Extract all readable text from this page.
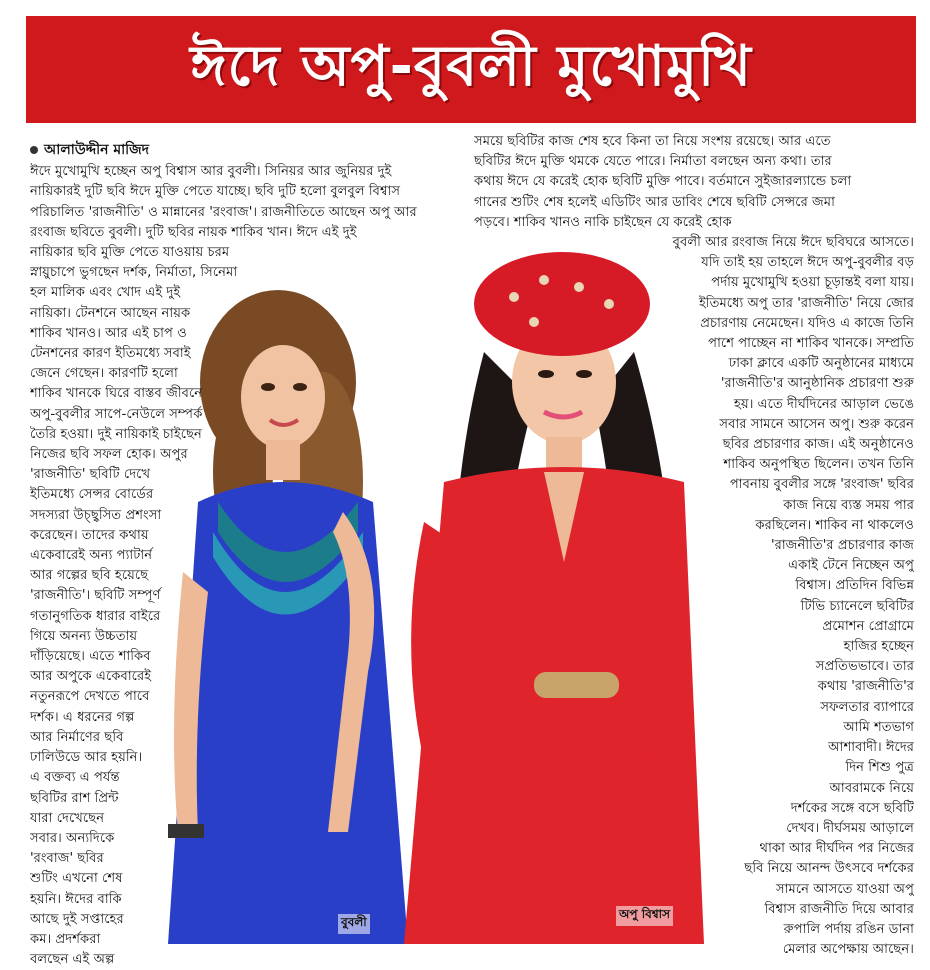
ঈদে অপু-বুবলী মুখোমুখি
বুবলী
অপু বিশ্বাস
আলাউদ্দীন মাজিদ
ঈদে মুখোমুখি হচ্ছেন অপু বিশ্বাস আর বুবলী। সিনিয়র আর জুনিয়র দুই
নায়িকারই দুটি ছবি ঈদে মুক্তি পেতে যাচ্ছে। ছবি দুটি হলো বুলবুল বিশ্বাস
পরিচালিত 'রাজনীতি' ও মান্নানের 'রংবাজ'। রাজনীতিতে আছেন অপু আর
রংবাজ ছবিতে বুবলী। দুটি ছবির নায়ক শাকিব খান। ঈদে এই দুই
নায়িকার ছবি মুক্তি পেতে যাওয়ায় চরম
স্নায়ুচাপে ভুগছেন দর্শক, নির্মাতা, সিনেমা
হল মালিক এবং খোদ এই দুই
নায়িকা। টেনশনে আছেন নায়ক
শাকিব খানও। আর এই চাপ ও
টেনশনের কারণ ইতিমধ্যে সবাই
জেনে গেছেন। কারণটি হলো
শাকিব খানকে ঘিরে বাস্তব জীবনে
অপু-বুবলীর সাপে-নেউলে সম্পর্ক
তৈরি হওয়া। দুই নায়িকাই চাইছেন
নিজের ছবি সফল হোক। অপুর
'রাজনীতি' ছবিটি দেখে
ইতিমধ্যে সেন্সর বোর্ডের
সদস্যরা উচ্ছ্বসিত প্রশংসা
করেছেন। তাদের কথায়
একেবারেই অন্য প্যাটার্ন
আর গল্পের ছবি হয়েছে
'রাজনীতি'। ছবিটি সম্পূর্ণ
গতানুগতিক ধারার বাইরে
গিয়ে অনন্য উচ্চতায়
দাঁড়িয়েছে। এতে শাকিব
আর অপুকে একেবারেই
নতুনরূপে দেখতে পাবে
দর্শক। এ ধরনের গল্প
আর নির্মাণের ছবি
ঢালিউডে আর হয়নি।
এ বক্তব্য এ পর্যন্ত
ছবিটির রাশ প্রিন্ট
যারা দেখেছেন
সবার। অন্যদিকে
'রংবাজ' ছবির
শুটিং এখনো শেষ
হয়নি। ঈদের বাকি
আছে দুই সপ্তাহের
কম। প্রদর্শকরা
বলছেন এই অল্প
সময়ে ছবিটির কাজ শেষ হবে কিনা তা নিয়ে সংশয় রয়েছে। আর এতে
ছবিটির ঈদে মুক্তি থমকে যেতে পারে। নির্মাতা বলছেন অন্য কথা। তার
কথায় ঈদে যে করেই হোক ছবিটি মুক্তি পাবে। বর্তমানে সুইজারল্যান্ডে চলা
গানের শুটিং শেষ হলেই এডিটিং আর ডাবিং শেষে ছবিটি সেন্সরে জমা
পড়বে। শাকিব খানও নাকি চাইছেন যে করেই হোক
বুবলী আর রংবাজ নিয়ে ঈদে ছবিঘরে আসতে।
যদি তাই হয় তাহলে ঈদে অপু-বুবলীর বড়
পর্দায় মুখোমুখি হওয়া চূড়ান্তই বলা যায়।
ইতিমধ্যে অপু তার 'রাজনীতি' নিয়ে জোর
প্রচারণায় নেমেছেন। যদিও এ কাজে তিনি
পাশে পাচ্ছেন না শাকিব খানকে। সম্প্রতি
ঢাকা ক্লাবে একটি অনুষ্ঠানের মাধ্যমে
'রাজনীতি'র আনুষ্ঠানিক প্রচারণা শুরু
হয়। এতে দীর্ঘদিনের আড়াল ভেঙে
সবার সামনে আসেন অপু। শুরু করেন
ছবির প্রচারণার কাজ। এই অনুষ্ঠানেও
শাকিব অনুপস্থিত ছিলেন। তখন তিনি
পাবনায় বুবলীর সঙ্গে 'রংবাজ' ছবির
কাজ নিয়ে ব্যস্ত সময় পার
করছিলেন। শাকিব না থাকলেও
'রাজনীতি'র প্রচারণার কাজ
একাই টেনে নিচ্ছেন অপু
বিশ্বাস। প্রতিদিন বিভিন্ন
টিভি চ্যানেলে ছবিটির
প্রমোশন প্রোগ্রামে
হাজির হচ্ছেন
সপ্রতিভভাবে। তার
কথায় 'রাজনীতি'র
সফলতার ব্যাপারে
আমি শতভাগ
আশাবাদী। ঈদের
দিন শিশু পুত্র
আবরামকে নিয়ে
দর্শকের সঙ্গে বসে ছবিটি
দেখব। দীর্ঘসময় আড়ালে
থাকা আর দীর্ঘদিন পর নিজের
ছবি নিয়ে আনন্দ উৎসবে দর্শকের
সামনে আসতে যাওয়া অপু
বিশ্বাস রাজনীতি দিয়ে আবার
রুপালি পর্দায় রঙিন ডানা
মেলার অপেক্ষায় আছেন।
